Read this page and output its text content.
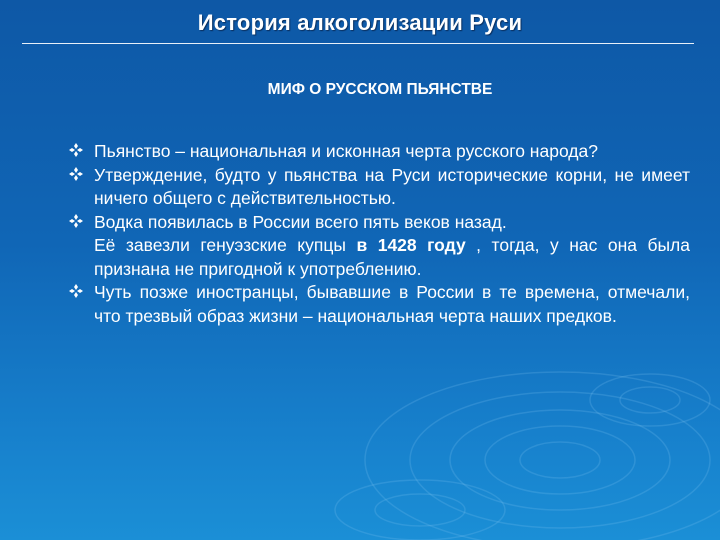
История алкоголизации Руси
МИФ О РУССКОМ ПЬЯНСТВЕ
Пьянство – национальная и исконная черта русского народа?
Утверждение, будто у пьянства на Руси исторические корни, не имеет ничего общего с действительностью.
Водка появилась в России всего пять веков назад.
Её завезли генуэзские купцы в 1428 году , тогда, у нас она была признана не пригодной к употреблению.
Чуть позже иностранцы, бывавшие в России в те времена, отмечали, что трезвый образ жизни – национальная черта наших предков.
